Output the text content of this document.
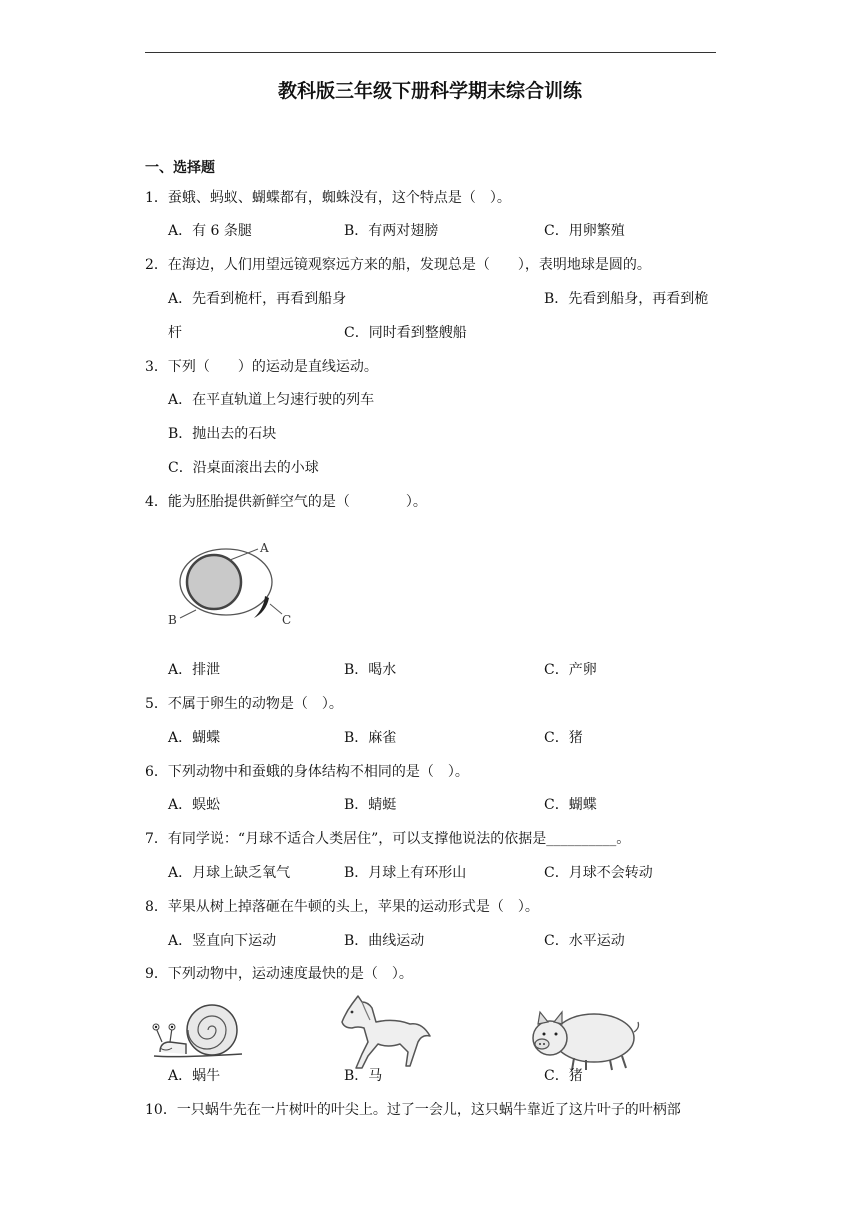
教科版三年级下册科学期末综合训练
一、选择题
1．蚕蛾、蚂蚁、蝴蝶都有，蜘蛛没有，这个特点是（　）。
A．有 6 条腿	B．有两对翅膀	C．用卵繁殖
2．在海边，人们用望远镜观察远方来的船，发现总是（　　），表明地球是圆的。
A．先看到桅杆，再看到船身	B．先看到船身，再看到桅
杆	C．同时看到整艘船
3．下列（　　）的运动是直线运动。
A．在平直轨道上匀速行驶的列车
B．抛出去的石块
C．沿桌面滚出去的小球
4．能为胚胎提供新鲜空气的是（　　　　）。
A
B	C
A．排泄	B．喝水	C．产卵
5．不属于卵生的动物是（　）。
A．蝴蝶	B．麻雀	C．猪
6．下列动物中和蚕蛾的身体结构不相同的是（　）。
A．蜈蚣	B．蜻蜓	C．蝴蝶
7．有同学说：“月球不适合人类居住”，可以支撑他说法的依据是__________。
A．月球上缺乏氧气	B．月球上有环形山	C．月球不会转动
8．苹果从树上掉落砸在牛顿的头上，苹果的运动形式是（　）。
A．竖直向下运动	B．曲线运动	C．水平运动
9．下列动物中，运动速度最快的是（　）。
A．蜗牛	B．马	C．猪
10．一只蜗牛先在一片树叶的叶尖上。过了一会儿，这只蜗牛靠近了这片叶子的叶柄部
